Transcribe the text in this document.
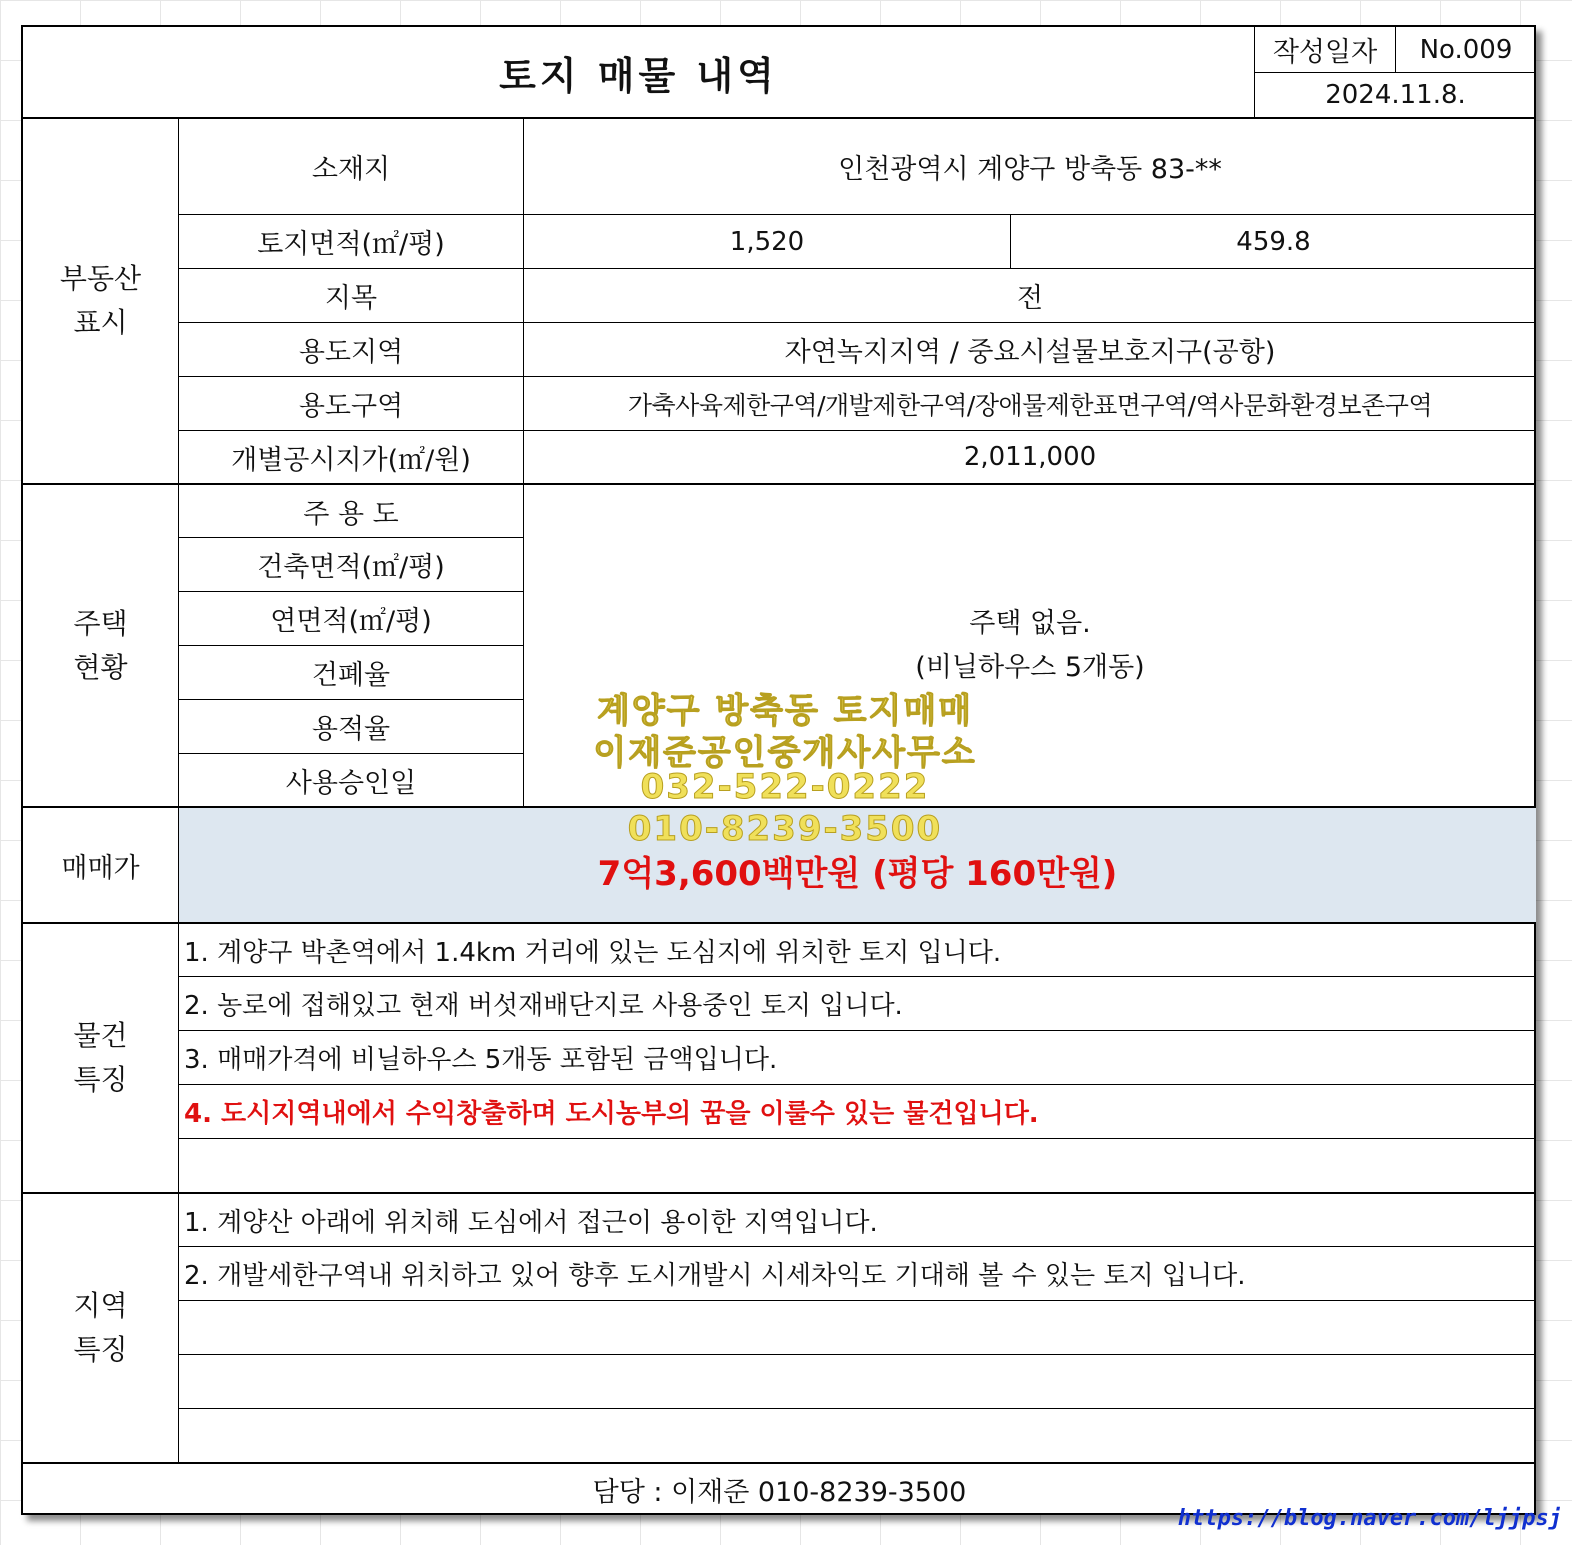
토지 매물 내역
작성일자	No.009
2024.11.8.
부동산
표시
소재지	인천광역시 계양구 방축동 83-**
토지면적(㎡/평)	1,520	459.8
지목	전
용도지역	자연녹지지역 / 중요시설물보호지구(공항)
용도구역	가축사육제한구역/개발제한구역/장애물제한표면구역/역사문화환경보존구역
개별공시지가(㎡/원)	2,011,000
주택
현황
주 용 도
건축면적(㎡/평)
연면적(㎡/평)
건폐율
용적율
사용승인일
주택 없음.
(비닐하우스 5개동)
매매가	7억3,600백만원 (평당 160만원)
물건
특징
1. 계양구 박촌역에서 1.4km 거리에 있는 도심지에 위치한 토지 입니다.
2. 농로에 접해있고 현재 버섯재배단지로 사용중인 토지 입니다.
3. 매매가격에 비닐하우스 5개동 포함된 금액입니다.
4. 도시지역내에서 수익창출하며 도시농부의 꿈을 이룰수 있는 물건입니다.
지역
특징
1. 계양산 아래에 위치해 도심에서 접근이 용이한 지역입니다.
2. 개발세한구역내 위치하고 있어 향후 도시개발시 시세차익도 기대해 볼 수 있는 토지 입니다.
담당 : 이재준 010-8239-3500
계양구 방축동 토지매매
이재준공인중개사사무소
032-522-0222
010-8239-3500
https://blog.naver.com/ljjpsj
